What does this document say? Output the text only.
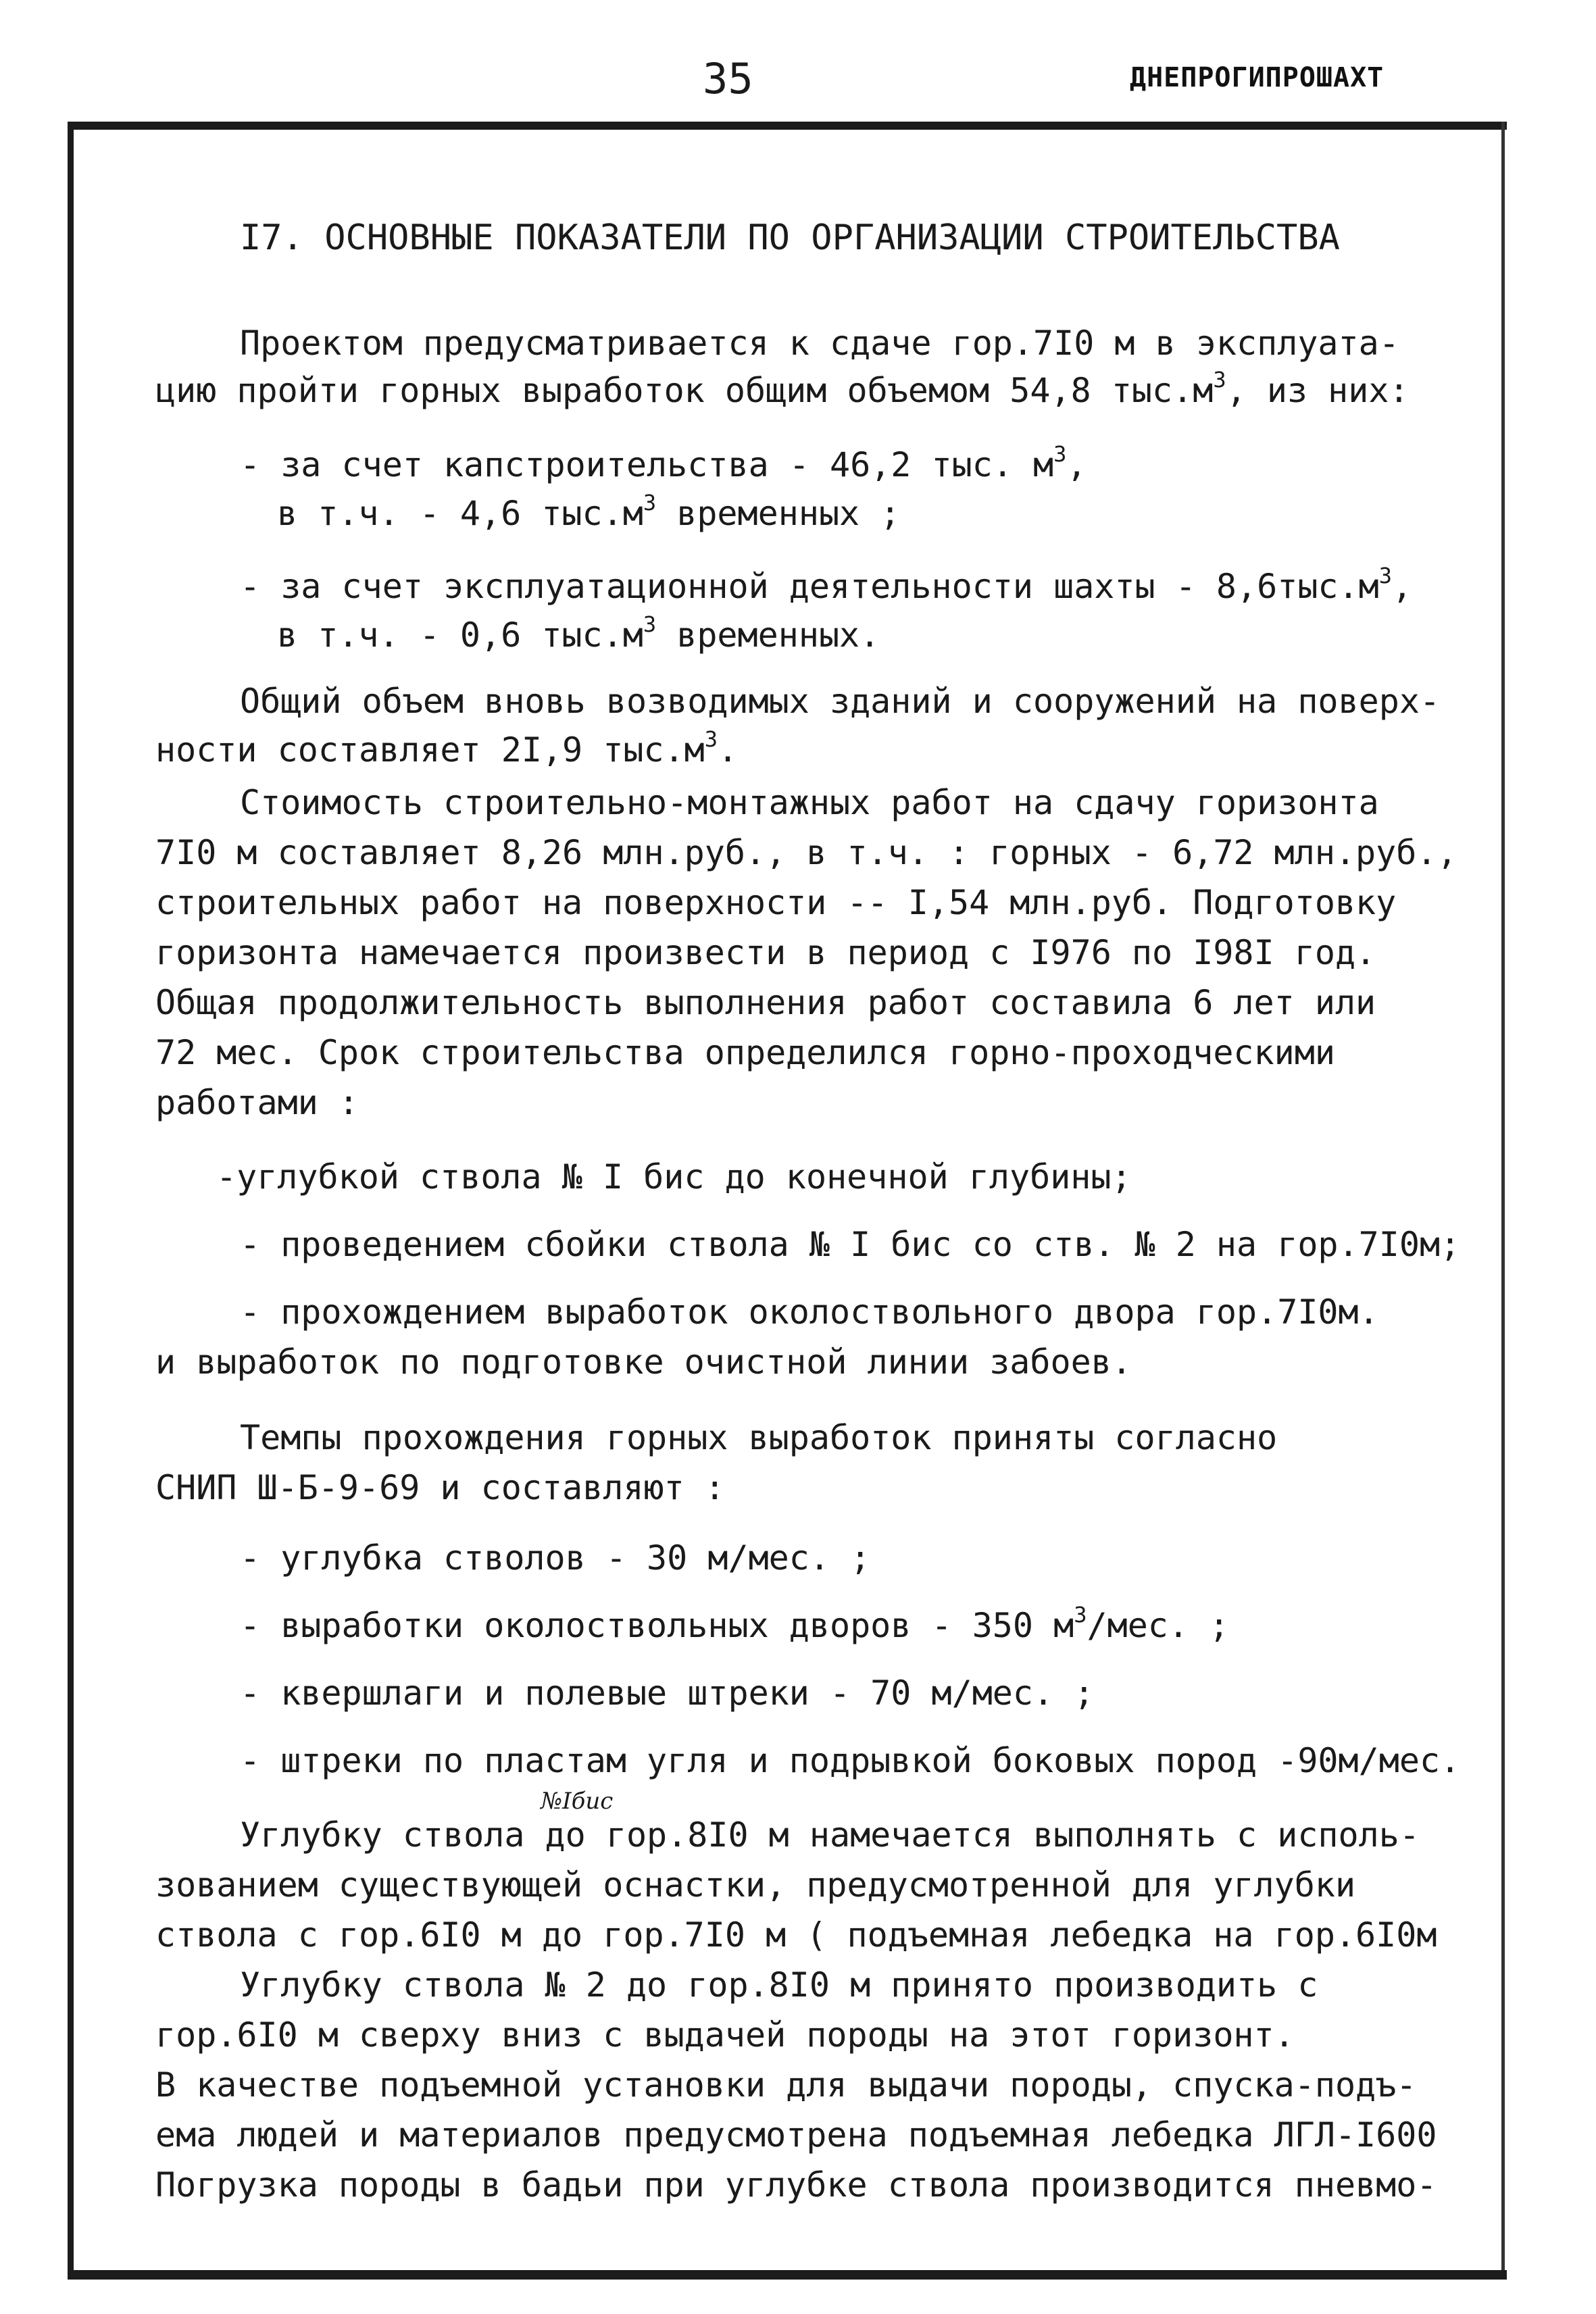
35	ДНЕПРОГИПРОШАХТ
I7. ОСНОВНЫЕ ПОКАЗАТЕЛИ ПО ОРГАНИЗАЦИИ СТРОИТЕЛЬСТВА
Проектом предусматривается к сдаче гор.7I0 м в эксплуата-
цию пройти горных выработок общим объемом 54,8 $тыс.м^3$, из них:
- за счет капстроительства - 46,2 тыс. $м^3$,
в т.ч. - 4,6 $тыс.м^3$ временных ;
- за счет эксплуатационной деятельности шахты - $8,6тыс.м^3$,
в т.ч. - 0,6 $тыс.м^3$ временных.
Общий объем вновь возводимых зданий и сооружений на поверх-
ности составляет 2I,9 $тыс.м^3$.
Стоимость строительно-монтажных работ на сдачу горизонта
7I0 м составляет 8,26 млн.руб., в т.ч. : горных - 6,72 млн.руб.,
строительных работ на поверхности -- I,54 млн.руб. Подготовку
горизонта намечается произвести в период с I976 по I98I год.
Общая продолжительность выполнения работ составила 6 лет или
72 мес. Срок строительства определился горно-проходческими
работами :
-углубкой ствола № I бис до конечной глубины;
- проведением сбойки ствола № I бис со ств. № 2 на гор.7I0м;
- прохождением выработок околоствольного двора гор.7I0м.
и выработок по подготовке очистной линии забоев.
Темпы прохождения горных выработок приняты согласно
СНИП Ш-Б-9-69 и составляют :
- углубка стволов - 30 м/мес. ;
- выработки околоствольных дворов - 350 $м^3$/мес. ;
- квершлаги и полевые штреки - 70 м/мес. ;
- штреки по пластам угля и подрывкой боковых пород -90м/мес.
№Iбис
Углубку ствола до гор.8I0 м намечается выполнять с исполь-
зованием существующей оснастки, предусмотренной для углубки
ствола с гор.6I0 м до гор.7I0 м ( подъемная лебедка на гор.6I0м
Углубку ствола № 2 до гор.8I0 м принято производить с
гор.6I0 м сверху вниз с выдачей породы на этот горизонт.
В качестве подъемной установки для выдачи породы, спуска-подъ-
ема людей и материалов предусмотрена подъемная лебедка ЛГЛ-I600
Погрузка породы в бадьи при углубке ствола производится пневмо-
